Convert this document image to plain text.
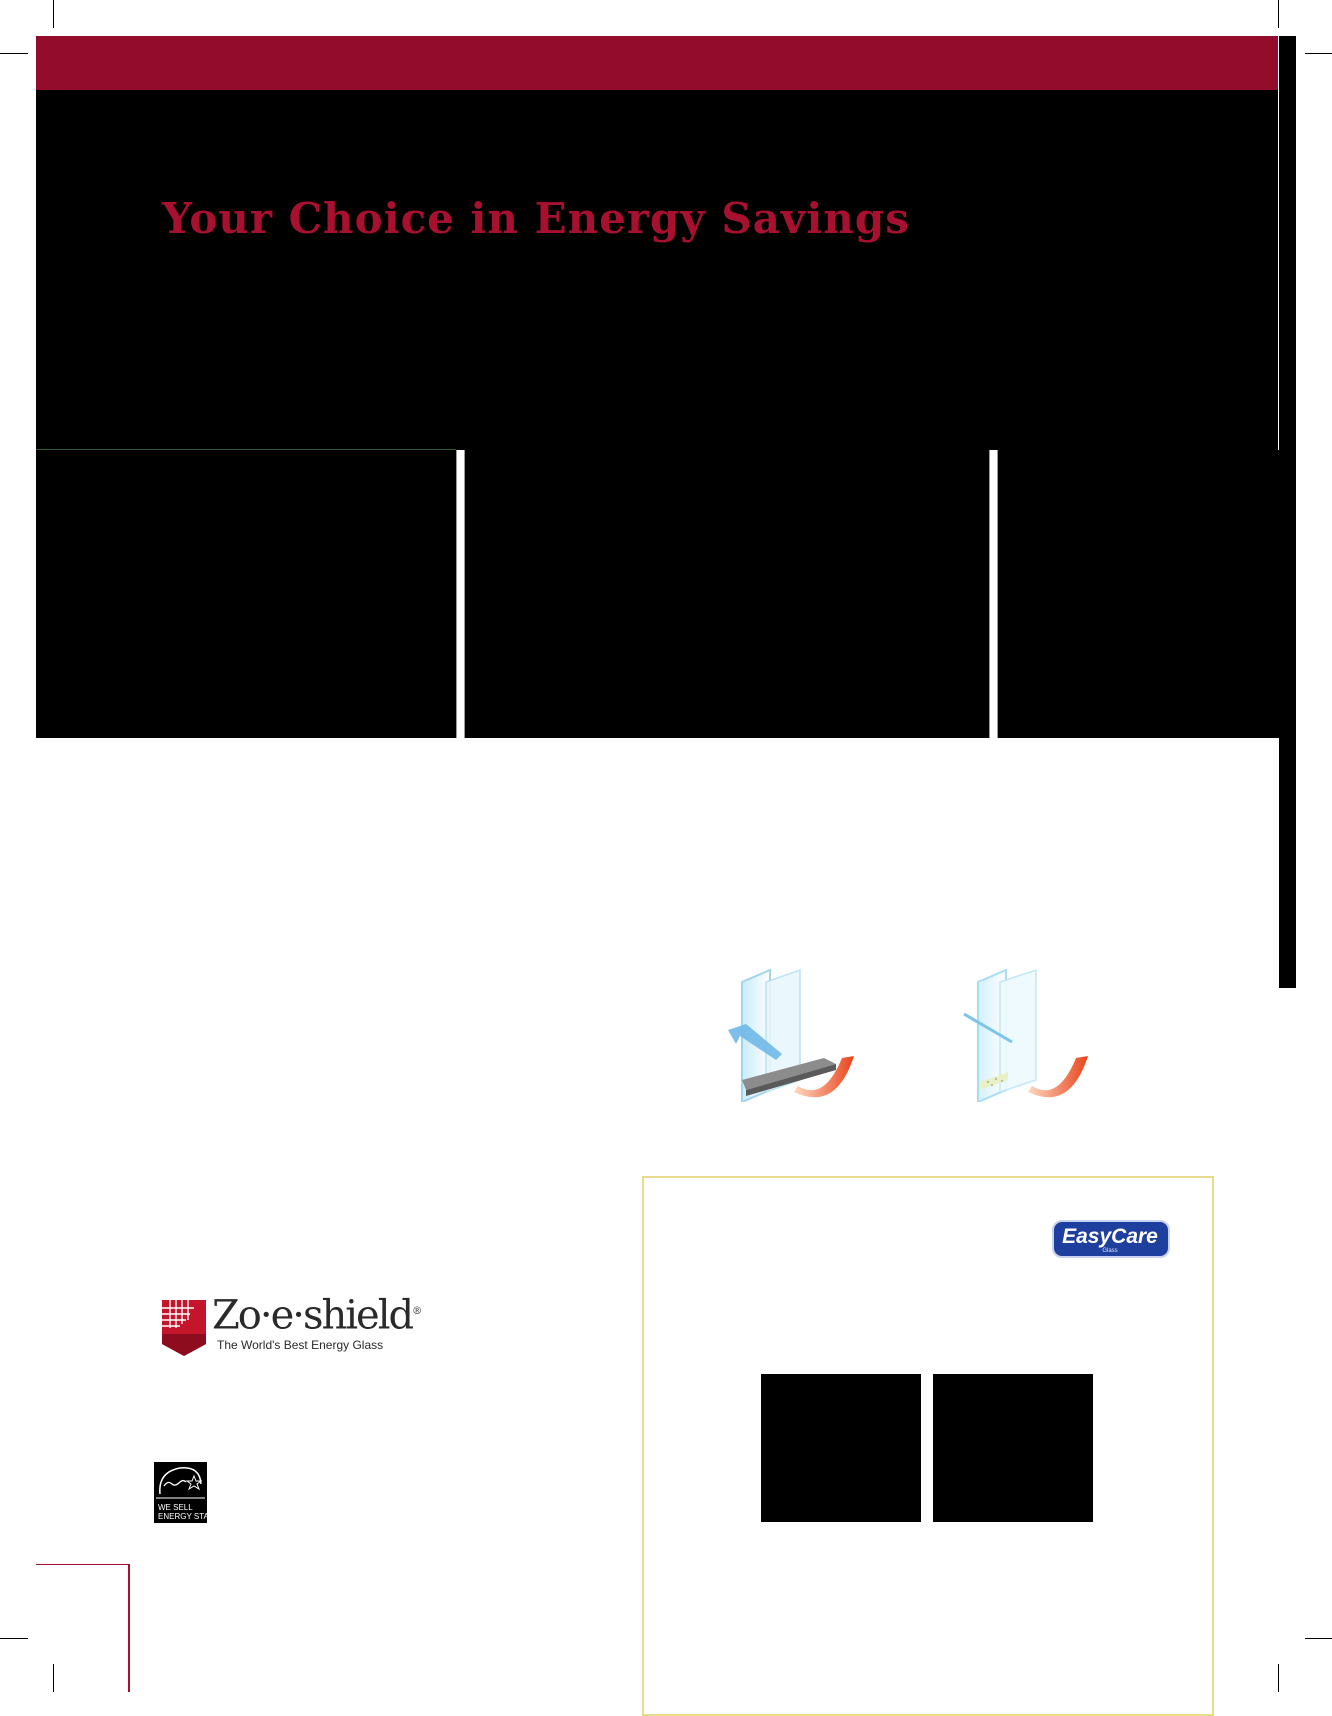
Your Choice in Energy Savings
EasyCare
Glass
Zo·e·shield®
The World's Best Energy Glass
WE SELL
ENERGY STAR
